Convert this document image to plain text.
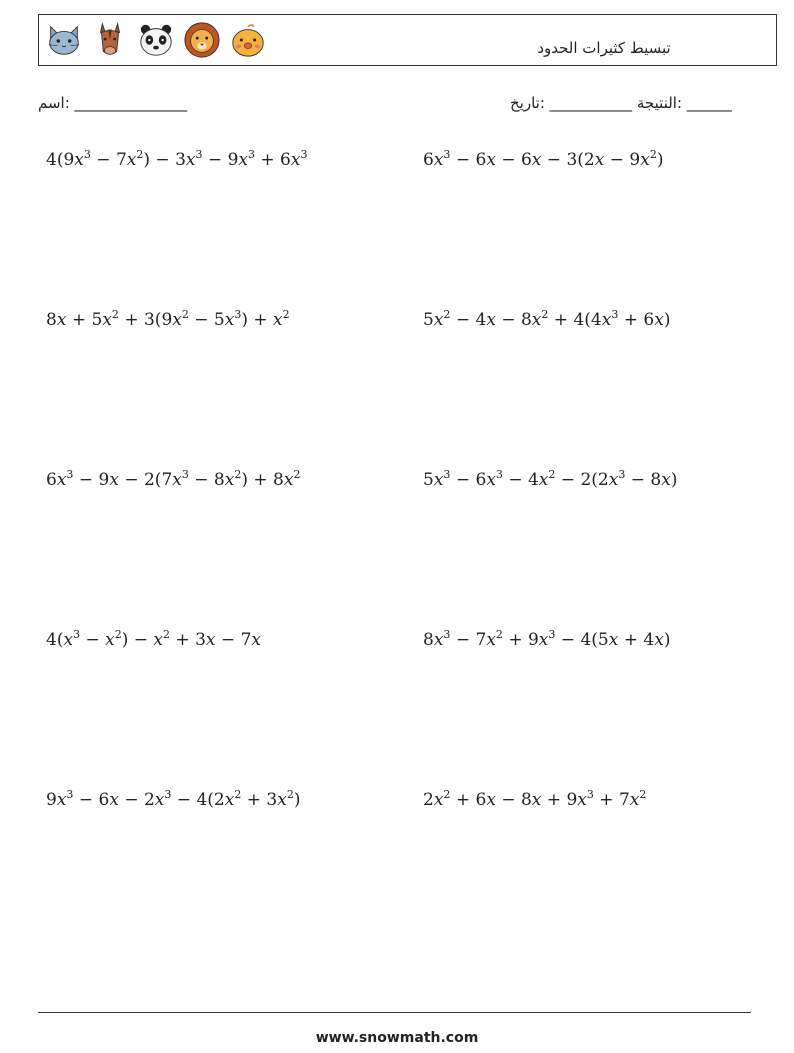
تبسيط كثيرات الحدود
اسم: _______________	النتيجة ___________ :تاريخ: ______
$4(9x^3 - 7x^2) - 3x^3 - 9x^3 + 6x^3$	$6x^3 - 6x - 6x - 3(2x - 9x^2)$
$8x + 5x^2 + 3(9x^2 - 5x^3) + x^2$	$5x^2 - 4x - 8x^2 + 4(4x^3 + 6x)$
$6x^3 - 9x - 2(7x^3 - 8x^2) + 8x^2$	$5x^3 - 6x^3 - 4x^2 - 2(2x^3 - 8x)$
$4(x^3 - x^2) - x^2 + 3x - 7x$	$8x^3 - 7x^2 + 9x^3 - 4(5x + 4x)$
$9x^3 - 6x - 2x^3 - 4(2x^2 + 3x^2)$	$2x^2 + 6x - 8x + 9x^3 + 7x^2$
www.snowmath.com
